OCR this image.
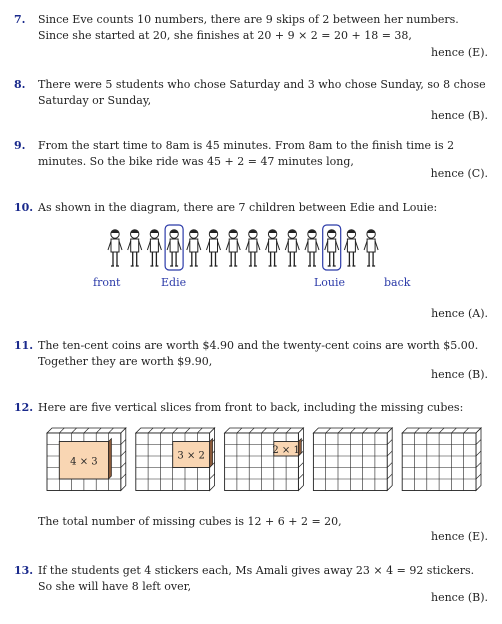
7.	Since Eve counts 10 numbers, there are 9 skips of 2 between her numbers. Since she started at 20, she finishes at 20 + 9 × 2 = 20 + 18 = 38,
hence (E).
8.	There were 5 students who chose Saturday and 3 who chose Sunday, so 8 chose Saturday or Sunday,
hence (B).
9.	From the start time to 8am is 45 minutes. From 8am to the finish time is 2 minutes. So the bike ride was 45 + 2 = 47 minutes long,
hence (C).
10. As shown in the diagram, there are 7 children between Edie and Louie:
front	Edie	Louie	back
hence (A).
11. The ten-cent coins are worth $4.90 and the twenty-cent coins are worth $5.00. Together they are worth $9.90,
hence (B).
12. Here are five vertical slices from front to back, including the missing cubes:
4 × 3
3 × 2
2 × 1
The total number of missing cubes is 12 + 6 + 2 = 20,
hence (E).
13. If the students get 4 stickers each, Ms Amali gives away 23 × 4 = 92 stickers. So she will have 8 left over,
hence (B).
